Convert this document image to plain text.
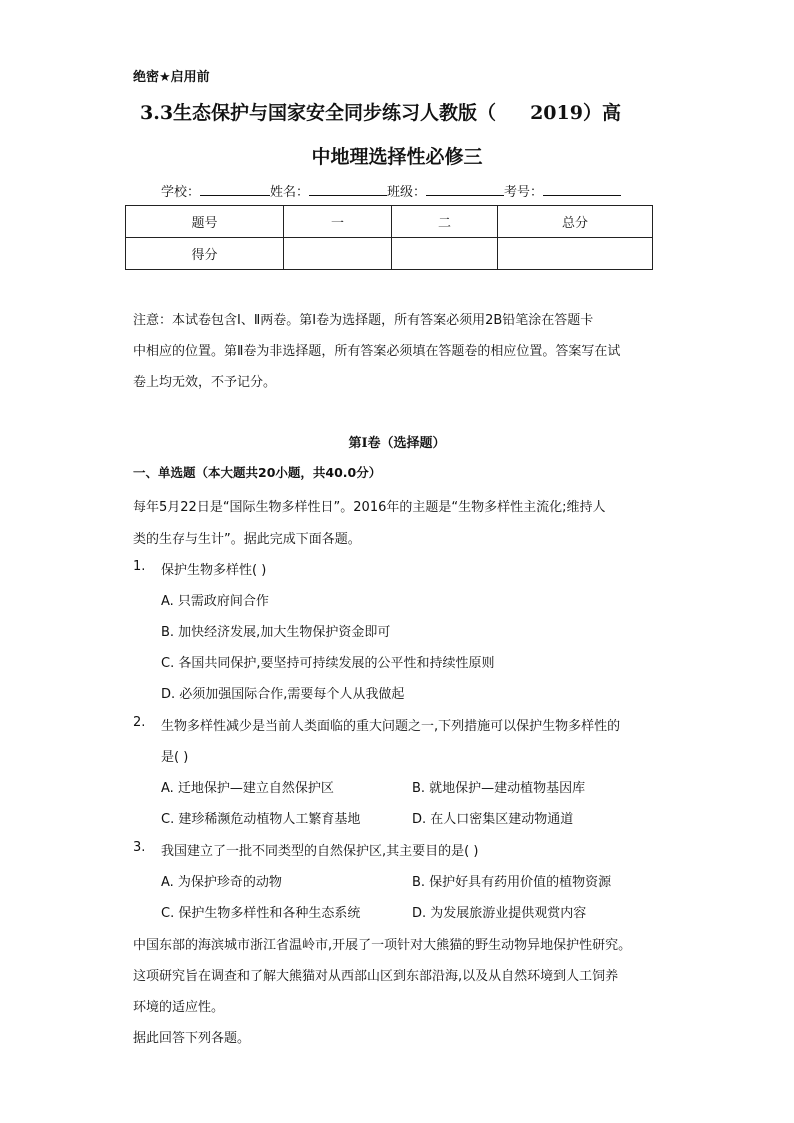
绝密★启用前
3.3生态保护与国家安全同步练习人教版（ 2019）高
中地理选择性必修三
学校：	姓名：	班级：	考号：
题号	一	二	总分
得分			
注意：本试卷包含Ⅰ、Ⅱ两卷。第Ⅰ卷为选择题，所有答案必须用2B铅笔涂在答题卡
中相应的位置。第Ⅱ卷为非选择题，所有答案必须填在答题卷的相应位置。答案写在试
卷上均无效，不予记分。
第Ⅰ卷（选择题）
一、单选题（本大题共20小题，共40.0分）
每年5月22日是“国际生物多样性日”。2016年的主题是“生物多样性主流化;维持人
类的生存与生计”。据此完成下面各题。
1. 保护生物多样性( )
A. 只需政府间合作
B. 加快经济发展,加大生物保护资金即可
C. 各国共同保护,要坚持可持续发展的公平性和持续性原则
D. 必须加强国际合作,需要每个人从我做起
2. 生物多样性减少是当前人类面临的重大问题之一,下列措施可以保护生物多样性的
是( )
A. 迁地保护—建立自然保护区	B. 就地保护—建动植物基因库
C. 建珍稀濒危动植物人工繁育基地	D. 在人口密集区建动物通道
3. 我国建立了一批不同类型的自然保护区,其主要目的是( )
A. 为保护珍奇的动物	B. 保护好具有药用价值的植物资源
C. 保护生物多样性和各种生态系统	D. 为发展旅游业提供观赏内容
中国东部的海滨城市浙江省温岭市,开展了一项针对大熊猫的野生动物异地保护性研究。
这项研究旨在调查和了解大熊猫对从西部山区到东部沿海,以及从自然环境到人工饲养
环境的适应性。
据此回答下列各题。
